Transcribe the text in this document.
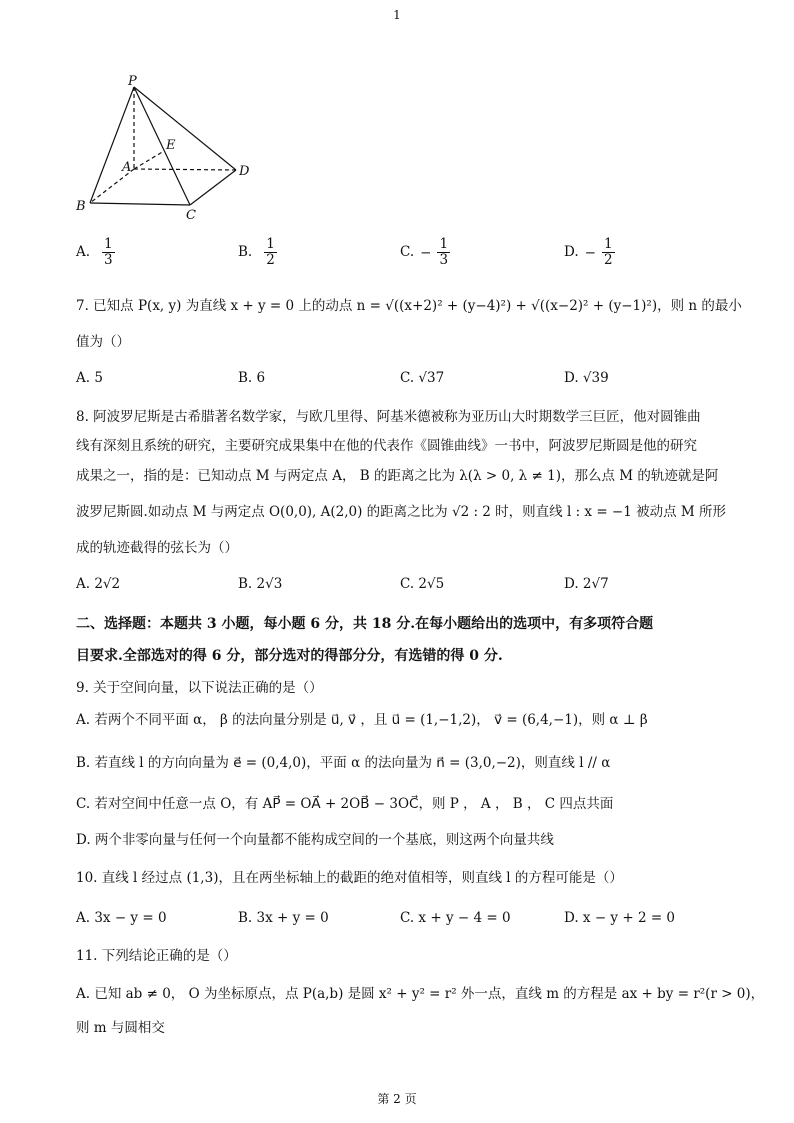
1
P
E
A	D
B
C
A. $\frac{1}{3}$	B. $\frac{1}{2}$	C. − $\frac{1}{3}$	D. − $\frac{1}{2}$
7. 已知点 P(x, y) 为直线 x + y = 0 上的动点 n = √((x+2)² + (y−4)²) + √((x−2)² + (y−1)²)，则 n 的最小
值为（）
A. 5	B. 6	C. √37	D. √39
8. 阿波罗尼斯是古希腊著名数学家，与欧几里得、阿基米德被称为亚历山大时期数学三巨匠，他对圆锥曲
线有深刻且系统的研究，主要研究成果集中在他的代表作《圆锥曲线》一书中，阿波罗尼斯圆是他的研究
成果之一，指的是：已知动点 M 与两定点 A， B 的距离之比为 λ(λ > 0, λ ≠ 1)，那么点 M 的轨迹就是阿
波罗尼斯圆.如动点 M 与两定点 O(0,0), A(2,0) 的距离之比为 √2 : 2 时，则直线 l : x = −1 被动点 M 所形
成的轨迹截得的弦长为（）
A. 2√2	B. 2√3	C. 2√5	D. 2√7
二、选择题：本题共 3 小题，每小题 6 分，共 18 分.在每小题给出的选项中，有多项符合题
目要求.全部选对的得 6 分，部分选对的得部分分，有选错的得 0 分.
9. 关于空间向量，以下说法正确的是（）
A. 若两个不同平面 α， β 的法向量分别是 u⃗, v⃗ ，且 u⃗ = (1,−1,2)， v⃗ = (6,4,−1)，则 α ⊥ β
B. 若直线 l 的方向向量为 e⃗ = (0,4,0)，平面 α 的法向量为 n⃗ = (3,0,−2)，则直线 l // α
C. 若对空间中任意一点 O，有 AP⃗ = OA⃗ + 2OB⃗ − 3OC⃗，则 P ， A ， B ， C 四点共面
D. 两个非零向量与任何一个向量都不能构成空间的一个基底，则这两个向量共线
10. 直线 l 经过点 (1,3)，且在两坐标轴上的截距的绝对值相等，则直线 l 的方程可能是（）
A. 3x − y = 0	B. 3x + y = 0	C. x + y − 4 = 0	D. x − y + 2 = 0
11. 下列结论正确的是（）
A. 已知 ab ≠ 0， O 为坐标原点，点 P(a,b) 是圆 x² + y² = r² 外一点，直线 m 的方程是 ax + by = r²(r > 0)，
则 m 与圆相交
第 2 页
